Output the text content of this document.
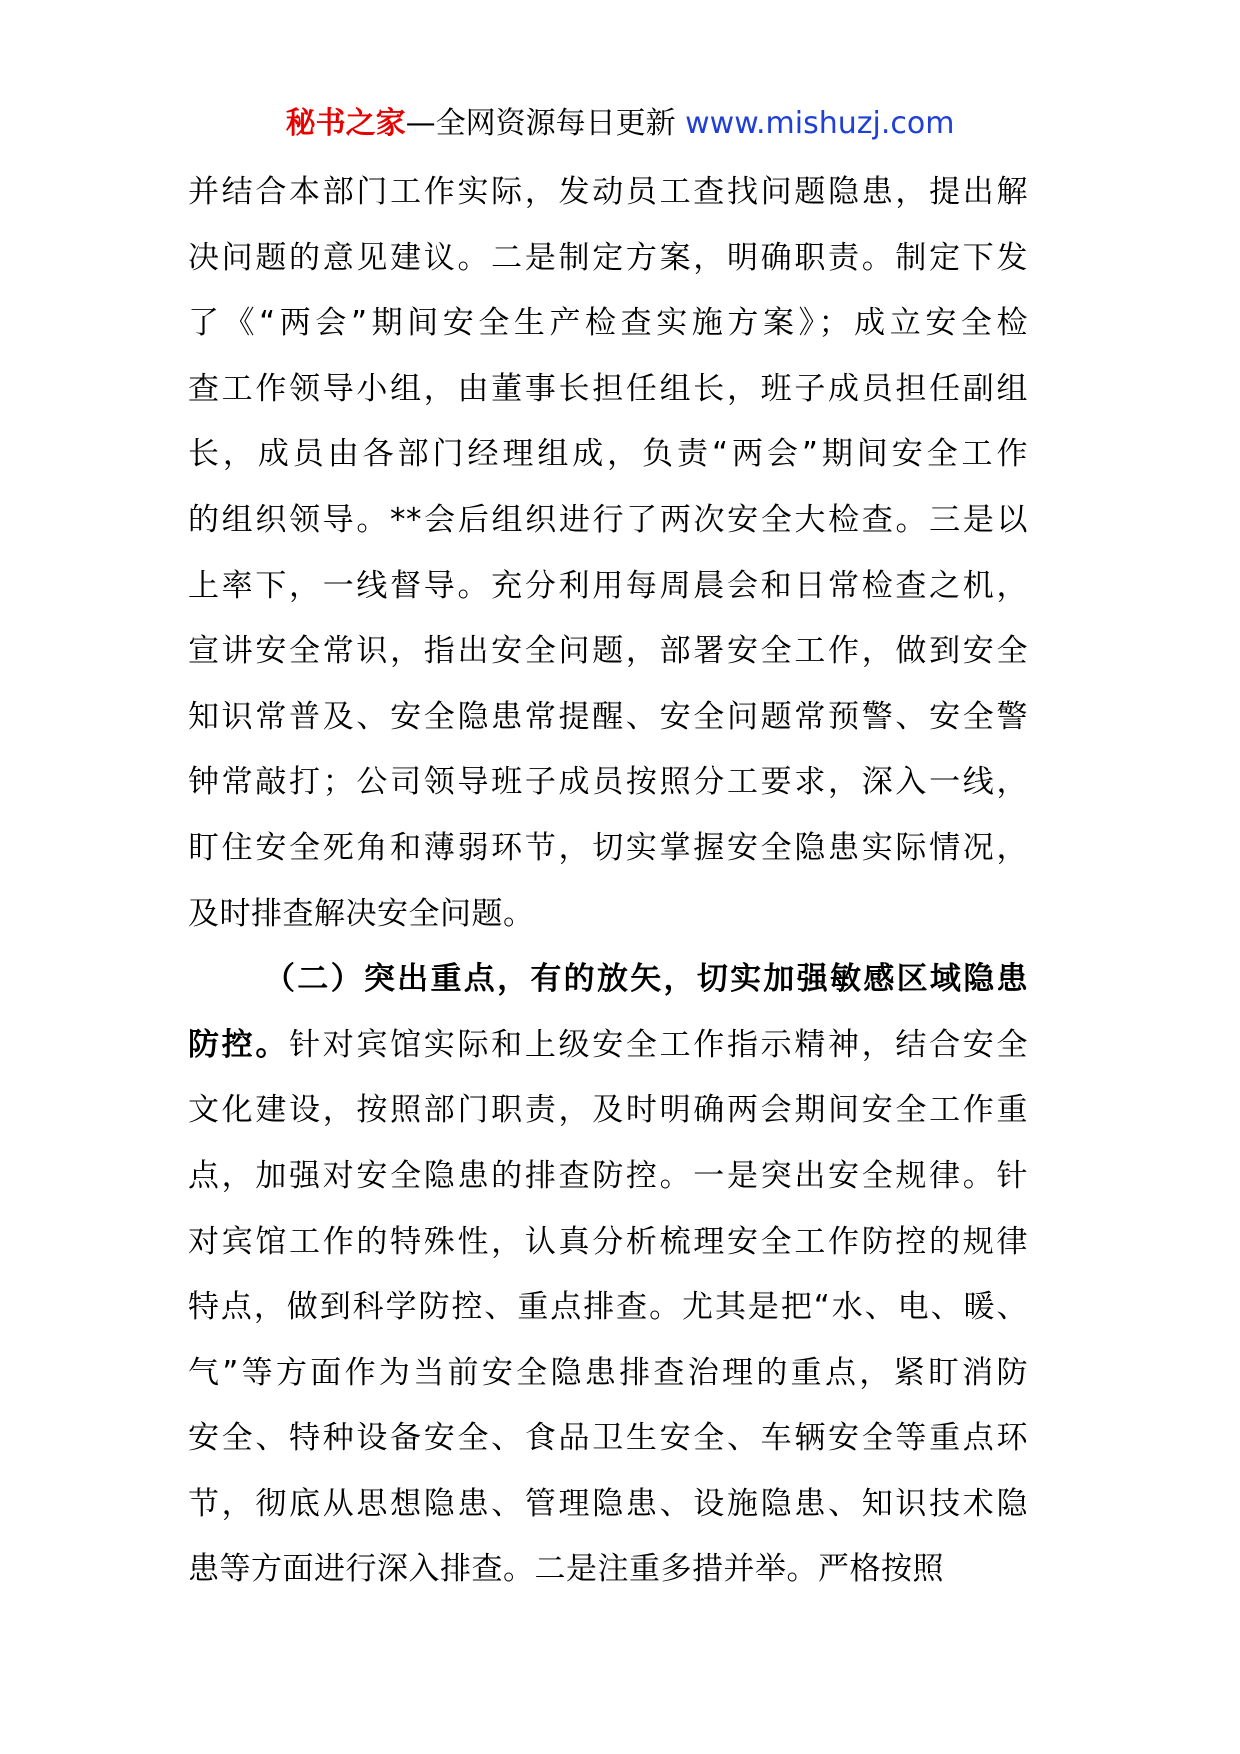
秘书之家—全网资源每日更新 www.mishuzj.com
并结合本部门工作实际，发动员工查找问题隐患，提出解
决问题的意见建议。二是制定方案，明确职责。制定下发
了《“两会”期间安全生产检查实施方案》；成立安全检
查工作领导小组，由董事长担任组长，班子成员担任副组
长，成员由各部门经理组成，负责“两会”期间安全工作
的组织领导。**会后组织进行了两次安全大检查。三是以
上率下，一线督导。充分利用每周晨会和日常检查之机，
宣讲安全常识，指出安全问题，部署安全工作，做到安全
知识常普及、安全隐患常提醒、安全问题常预警、安全警
钟常敲打；公司领导班子成员按照分工要求，深入一线，
盯住安全死角和薄弱环节，切实掌握安全隐患实际情况，
及时排查解决安全问题。
（二）突出重点，有的放矢，切实加强敏感区域隐患
防控。针对宾馆实际和上级安全工作指示精神，结合安全
文化建设，按照部门职责，及时明确两会期间安全工作重
点，加强对安全隐患的排查防控。一是突出安全规律。针
对宾馆工作的特殊性，认真分析梳理安全工作防控的规律
特点，做到科学防控、重点排查。尤其是把“水、电、暖、
气”等方面作为当前安全隐患排查治理的重点，紧盯消防
安全、特种设备安全、食品卫生安全、车辆安全等重点环
节，彻底从思想隐患、管理隐患、设施隐患、知识技术隐
患等方面进行深入排查。二是注重多措并举。严格按照
